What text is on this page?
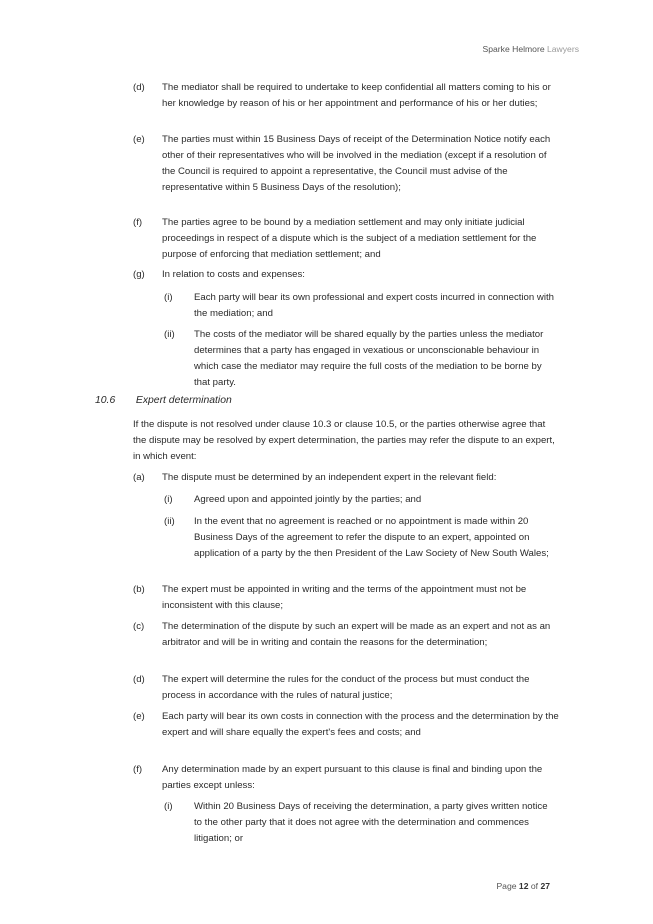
Sparke Helmore Lawyers
(d)	The mediator shall be required to undertake to keep confidential all matters coming to his or her knowledge by reason of his or her appointment and performance of his or her duties;
(e)	The parties must within 15 Business Days of receipt of the Determination Notice notify each other of their representatives who will be involved in the mediation (except if a resolution of the Council is required to appoint a representative, the Council must advise of the representative within 5 Business Days of the resolution);
(f)	The parties agree to be bound by a mediation settlement and may only initiate judicial proceedings in respect of a dispute which is the subject of a mediation settlement for the purpose of enforcing that mediation settlement; and
(g)	In relation to costs and expenses:
(i)	Each party will bear its own professional and expert costs incurred in connection with the mediation; and
(ii)	The costs of the mediator will be shared equally by the parties unless the mediator determines that a party has engaged in vexatious or unconscionable behaviour in which case the mediator may require the full costs of the mediation to be borne by that party.
10.6 Expert determination
If the dispute is not resolved under clause 10.3 or clause 10.5, or the parties otherwise agree that the dispute may be resolved by expert determination, the parties may refer the dispute to an expert, in which event:
(a)	The dispute must be determined by an independent expert in the relevant field:
(i)	Agreed upon and appointed jointly by the parties; and
(ii)	In the event that no agreement is reached or no appointment is made within 20 Business Days of the agreement to refer the dispute to an expert, appointed on application of a party by the then President of the Law Society of New South Wales;
(b)	The expert must be appointed in writing and the terms of the appointment must not be inconsistent with this clause;
(c)	The determination of the dispute by such an expert will be made as an expert and not as an arbitrator and will be in writing and contain the reasons for the determination;
(d)	The expert will determine the rules for the conduct of the process but must conduct the process in accordance with the rules of natural justice;
(e)	Each party will bear its own costs in connection with the process and the determination by the expert and will share equally the expert's fees and costs; and
(f)	Any determination made by an expert pursuant to this clause is final and binding upon the parties except unless:
(i)	Within 20 Business Days of receiving the determination, a party gives written notice to the other party that it does not agree with the determination and commences litigation; or
Page 12 of 27
